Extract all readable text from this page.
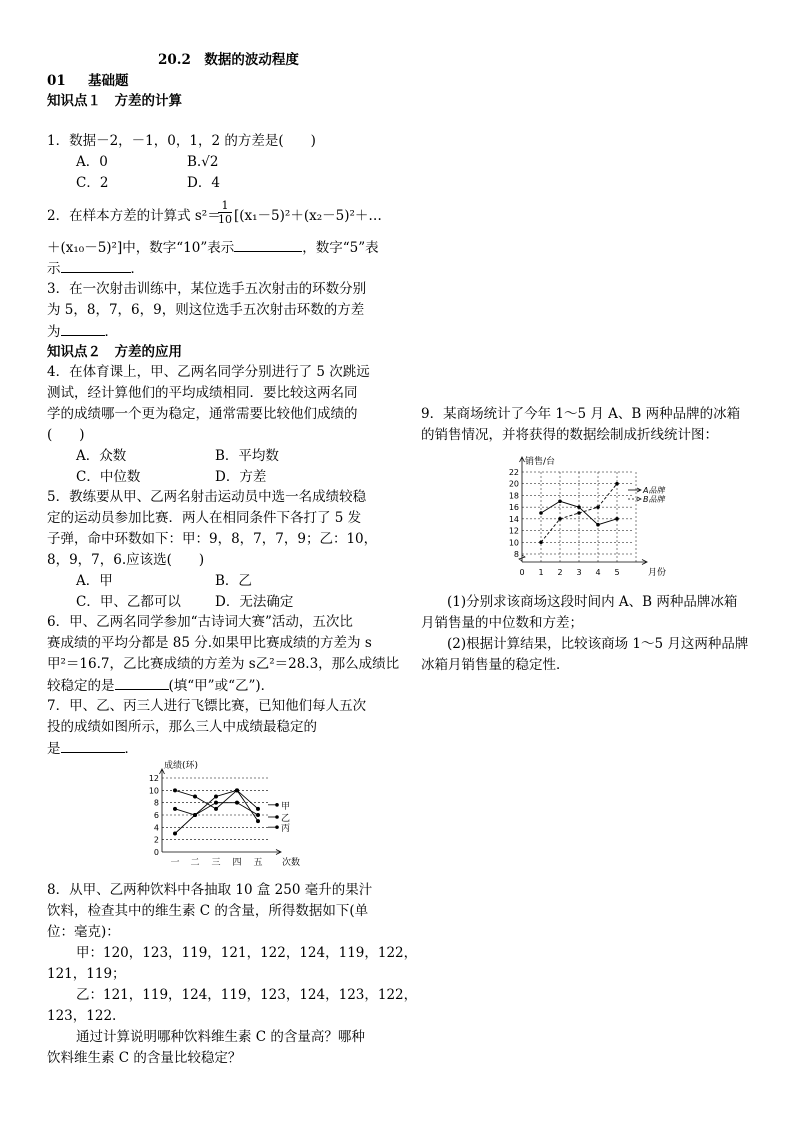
20.2　数据的波动程度
01 基础题
知识点１　方差的计算
1．数据－2，－1，0，1，2 的方差是(　　)
A．0	B.√2
C．2	D．4
2．在样本方差的计算式 s²＝
$\frac{1}{10}$ [(x₁－5)²＋(x₂－5)²＋…
＋(x₁₀－5)²]中，数字“10”表示	，数字“5”表
示	．
3．在一次射击训练中，某位选手五次射击的环数分别
为 5，8，7，6，9，则这位选手五次射击环数的方差
为	．
知识点２　方差的应用
4．在体育课上，甲、乙两名同学分别进行了 5 次跳远
测试，经计算他们的平均成绩相同．要比较这两名同
学的成绩哪一个更为稳定，通常需要比较他们成绩的
(　　)
A．众数	B．平均数
C．中位数	D．方差
5．教练要从甲、乙两名射击运动员中选一名成绩较稳
定的运动员参加比赛．两人在相同条件下各打了 5 发
子弹，命中环数如下：甲：9，8，7，7，9；乙：10，
8，9，7，6.应该选(　　)
A．甲	B．乙
C．甲、乙都可以	D．无法确定
6．甲、乙两名同学参加“古诗词大赛”活动，五次比
赛成绩的平均分都是 85 分.如果甲比赛成绩的方差为 s
甲²＝16.7，乙比赛成绩的方差为 s乙²＝28.3，那么成绩比
较稳定的是	(填“甲”或“乙”)．
7．甲、乙、丙三人进行飞镖比赛，已知他们每人五次
投的成绩如图所示，那么三人中成绩最稳定的
是	．
0
2
4
6
8
10
12
成绩(环)
次数
一 二 三 四 五
甲
乙
丙
8．从甲、乙两种饮料中各抽取 10 盒 250 毫升的果汁
饮料，检查其中的维生素 C 的含量，所得数据如下(单
位：毫克)：
甲：120，123，119，121，122，124，119，122，
121，119；
乙：121，119，124，119，123，124，123，122，
123，122.
通过计算说明哪种饮料维生素 C 的含量高？哪种
饮料维生素 C 的含量比较稳定？
9．某商场统计了今年 1～5 月 A、B 两种品牌的冰箱
的销售情况，并将获得的数据绘制成折线统计图：
8
10
12
14
16
18
20
22
销售/台
月份
0 1 2 3 4 5
A品牌
B品牌
(1)分别求该商场这段时间内 A、B 两种品牌冰箱
月销售量的中位数和方差；
(2)根据计算结果，比较该商场 1～5 月这两种品牌
冰箱月销售量的稳定性．
